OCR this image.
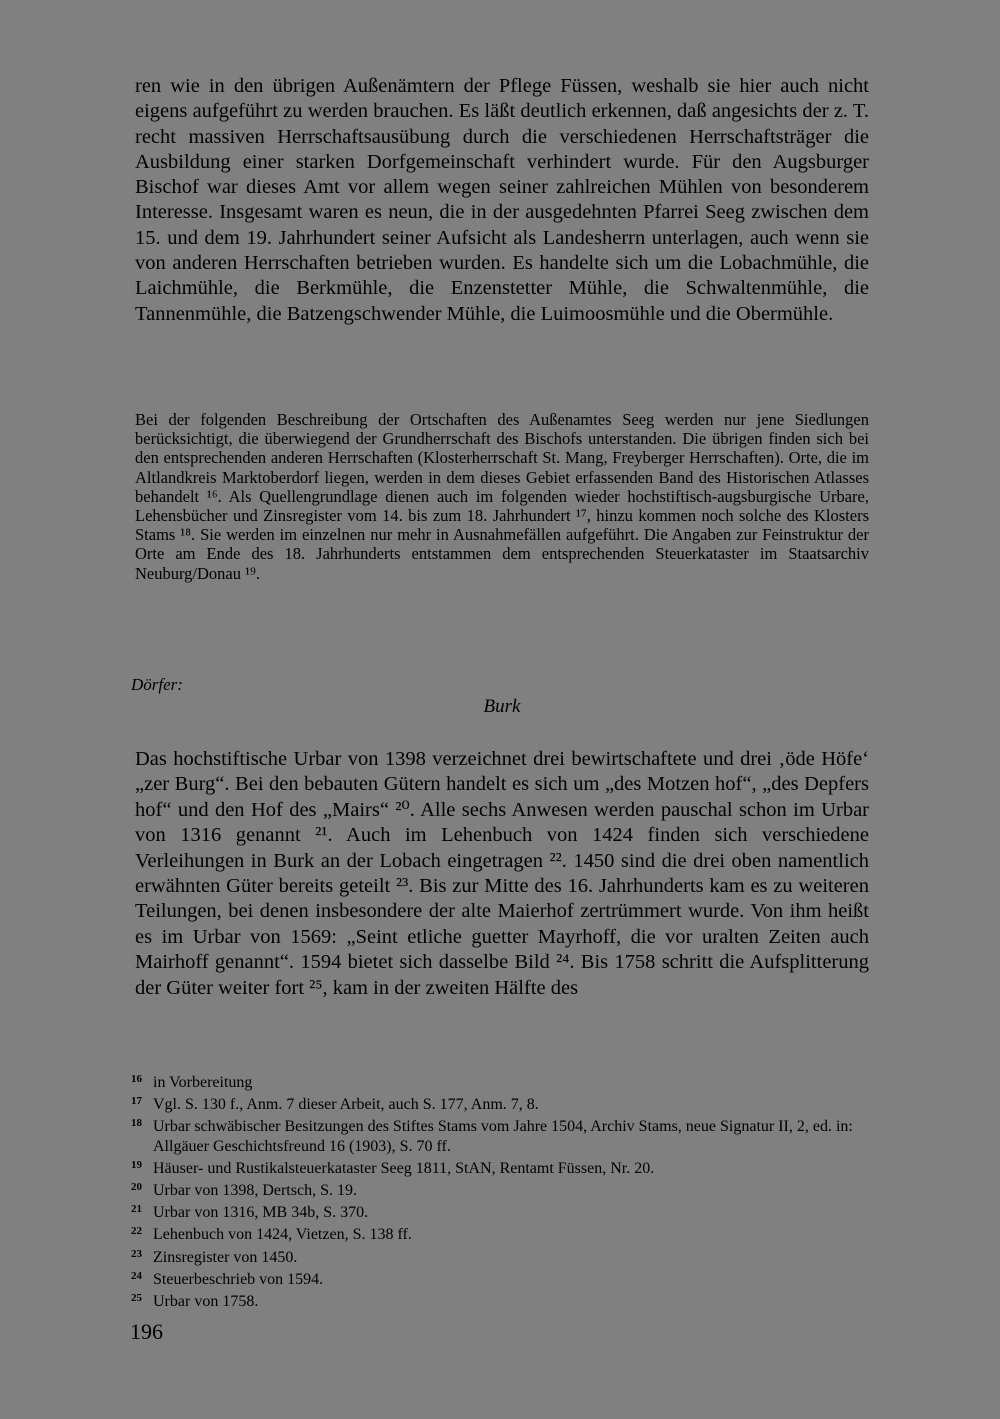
ren wie in den übrigen Außenämtern der Pflege Füssen, weshalb sie hier auch nicht eigens aufgeführt zu werden brauchen. Es läßt deutlich erkennen, daß angesichts der z. T. recht massiven Herrschaftsausübung durch die verschiedenen Herrschaftsträger die Ausbildung einer starken Dorfgemeinschaft verhindert wurde. Für den Augsburger Bischof war dieses Amt vor allem wegen seiner zahlreichen Mühlen von besonderem Interesse. Insgesamt waren es neun, die in der ausgedehnten Pfarrei Seeg zwischen dem 15. und dem 19. Jahrhundert seiner Aufsicht als Landesherrn unterlagen, auch wenn sie von anderen Herrschaften betrieben wurden. Es handelte sich um die Lobachmühle, die Laichmühle, die Berkmühle, die Enzenstetter Mühle, die Schwaltenmühle, die Tannenmühle, die Batzengschwender Mühle, die Luimoosmühle und die Obermühle.

Bei der folgenden Beschreibung der Ortschaften des Außenamtes Seeg werden nur jene Siedlungen berücksichtigt, die überwiegend der Grundherrschaft des Bischofs unterstanden. Die übrigen finden sich bei den entsprechenden anderen Herrschaften (Klosterherrschaft St. Mang, Freyberger Herrschaften). Orte, die im Altlandkreis Marktoberdorf liegen, werden in dem dieses Gebiet erfassenden Band des Historischen Atlasses behandelt ¹⁶. Als Quellengrundlage dienen auch im folgenden wieder hochstiftisch-augsburgische Urbare, Lehensbücher und Zinsregister vom 14. bis zum 18. Jahrhundert ¹⁷, hinzu kommen noch solche des Klosters Stams ¹⁸. Sie werden im einzelnen nur mehr in Ausnahmefällen aufgeführt. Die Angaben zur Feinstruktur der Orte am Ende des 18. Jahrhunderts entstammen dem entsprechenden Steuerkataster im Staatsarchiv Neuburg/Donau ¹⁹.

Dörfer:

Burk

Das hochstiftische Urbar von 1398 verzeichnet drei bewirtschaftete und drei ‚öde Höfe‘ „zer Burg“. Bei den bebauten Gütern handelt es sich um „des Motzen hof“, „des Depfers hof“ und den Hof des „Mairs“ ²⁰. Alle sechs Anwesen werden pauschal schon im Urbar von 1316 genannt ²¹. Auch im Lehenbuch von 1424 finden sich verschiedene Verleihungen in Burk an der Lobach eingetragen ²². 1450 sind die drei oben namentlich erwähnten Güter bereits geteilt ²³. Bis zur Mitte des 16. Jahrhunderts kam es zu weiteren Teilungen, bei denen insbesondere der alte Maierhof zertrümmert wurde. Von ihm heißt es im Urbar von 1569: „Seint etliche guetter Mayrhoff, die vor uralten Zeiten auch Mairhoff genannt“. 1594 bietet sich dasselbe Bild ²⁴. Bis 1758 schritt die Aufsplitterung der Güter weiter fort ²⁵, kam in der zweiten Hälfte des

16 in Vorbereitung
17 Vgl. S. 130 f., Anm. 7 dieser Arbeit, auch S. 177, Anm. 7, 8.
18 Urbar schwäbischer Besitzungen des Stiftes Stams vom Jahre 1504, Archiv Stams, neue Signatur II, 2, ed. in: Allgäuer Geschichtsfreund 16 (1903), S. 70 ff.
19 Häuser- und Rustikalsteuerkataster Seeg 1811, StAN, Rentamt Füssen, Nr. 20.
20 Urbar von 1398, Dertsch, S. 19.
21 Urbar von 1316, MB 34b, S. 370.
22 Lehenbuch von 1424, Vietzen, S. 138 ff.
23 Zinsregister von 1450.
24 Steuerbeschrieb von 1594.
25 Urbar von 1758.

196
